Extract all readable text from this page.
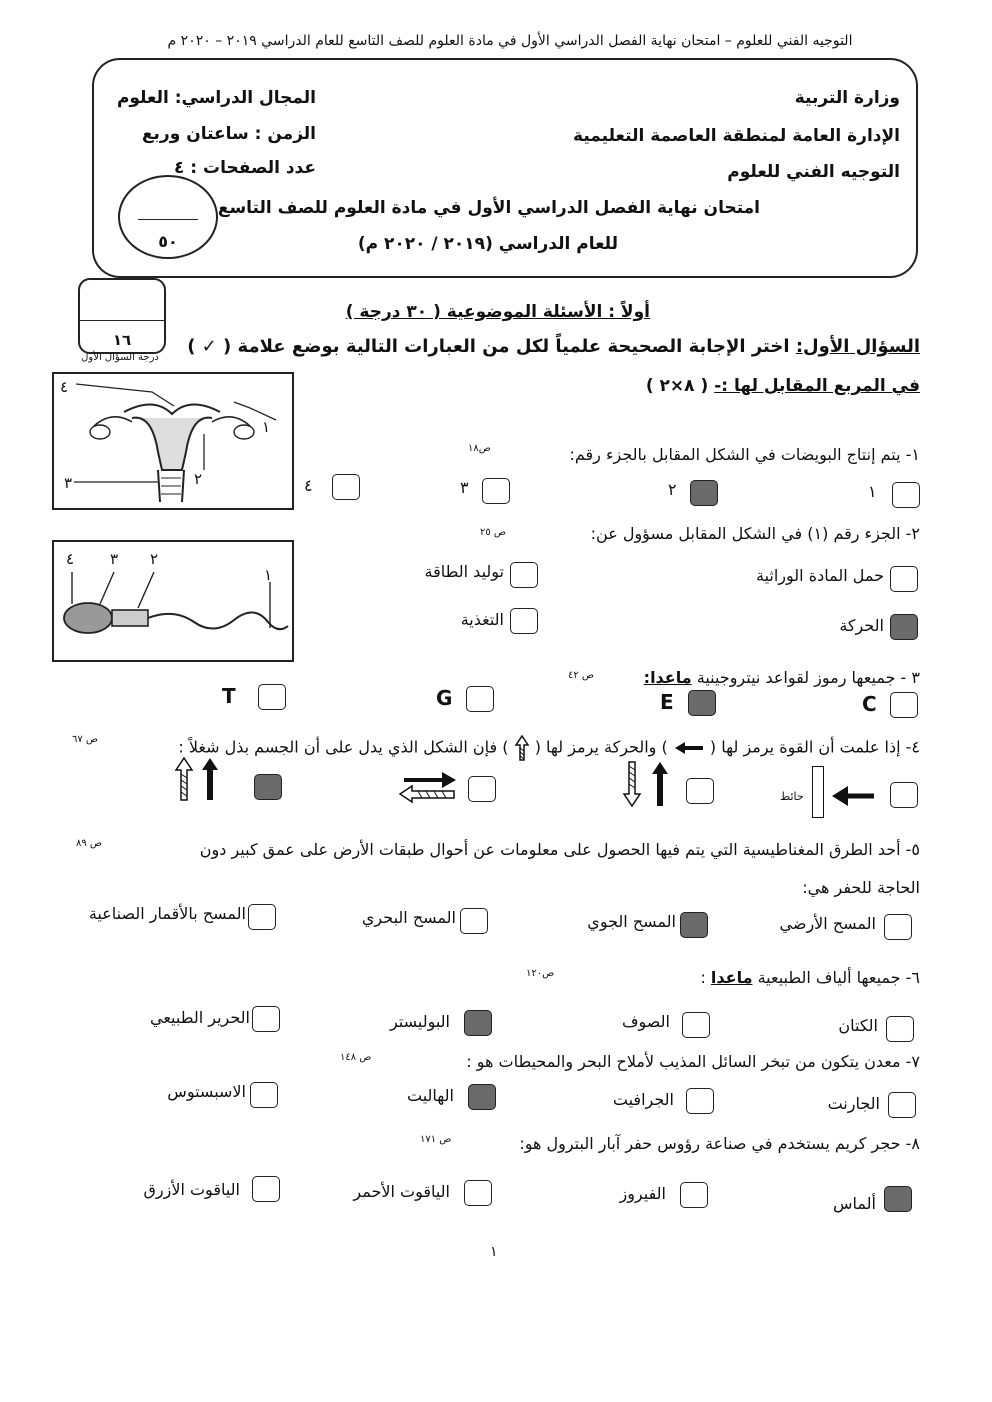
التوجيه الفني للعلوم – امتحان نهاية الفصل الدراسي الأول في مادة العلوم للصف التاسع للعام الدراسي ٢٠١٩ – ٢٠٢٠ م
وزارة التربية
الإدارة العامة لمنطقة العاصمة التعليمية
التوجيه الفني للعلوم
امتحان نهاية الفصل الدراسي الأول في مادة العلوم للصف التاسع
للعام الدراسي (٢٠١٩ / ٢٠٢٠ م)
المجال الدراسي: العلوم
الزمن : ساعتان وربع
عدد الصفحات : ٤
٥٠
١٦
درجة السؤال الأول
أولاً : الأسئلة الموضوعية ( ٣٠ درجة )
السؤال الأول: اختر الإجابة الصحيحة علمياً لكل من العبارات التالية بوضع علامة ( ✓ )
في المربع المقابل لها :- ( ٨×٢ )
٤
١
٢
٣
١- يتم إنتاج البويضات في الشكل المقابل بالجزء رقم:
ص١٨
١
٢
٣
٤
٤ ٣ ٢
١
٢- الجزء رقم (١) في الشكل المقابل مسؤول عن:
ص ٢٥
حمل المادة الوراثية
توليد الطاقة
الحركة
التغذية
٣ - جميعها رموز لقواعد نيتروجينية ماعدا:
ص ٤٢
C
E
G
T
٤- إذا علمت أن القوة يرمز لها (  ) والحركة يرمز لها (  ) فإن الشكل الذي يدل على أن الجسم بذل شغلاً :
ص ٦٧
حائط
٥- أحد الطرق المغناطيسية التي يتم فيها الحصول على معلومات عن أحوال طبقات الأرض على عمق كبير دون
ص ٨٩
الحاجة للحفر هي:
المسح الأرضي
المسح الجوي
المسح البحري
المسح بالأقمار الصناعية
٦- جميعها ألياف الطبيعية ماعدا :
ص١٢٠
الكتان
الصوف
البوليستر
الحرير الطبيعي
٧- معدن يتكون من تبخر السائل المذيب لأملاح البحر والمحيطات هو :
ص ١٤٨
الجارنت
الجرافيت
الهاليت
الاسبستوس
٨- حجر كريم يستخدم في صناعة رؤوس حفر آبار البترول هو:
ص ١٧١
ألماس
الفيروز
الياقوت الأحمر
الياقوت الأزرق
١
